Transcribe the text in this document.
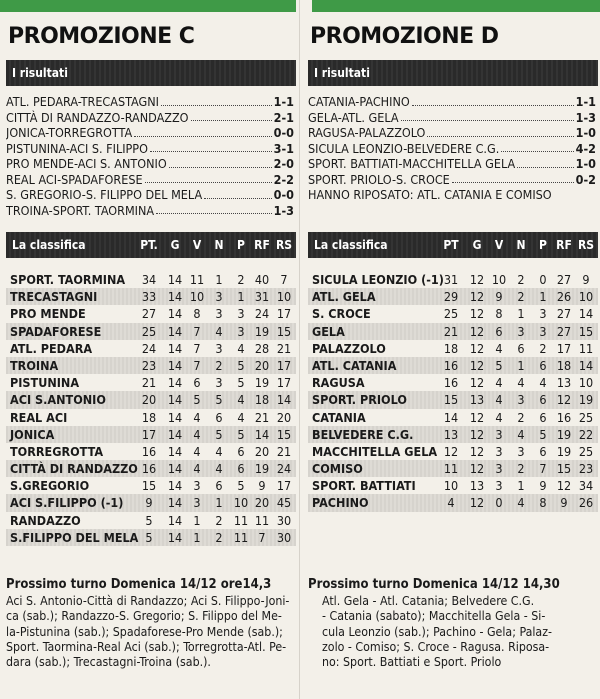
PROMOZIONE C
I risultati
ATL. PEDARA-TRECASTAGNI	1-1
CITTÀ DI RANDAZZO-RANDAZZO	2-1
JONICA-TORREGROTTA	0-0
PISTUNINA-ACI S. FILIPPO	3-1
PRO MENDE-ACI S. ANTONIO	2-0
REAL ACI-SPADAFORESE	2-2
S. GREGORIO-S. FILIPPO DEL MELA	0-0
TROINA-SPORT. TAORMINA	1-3
La classifica	PT.	G	V	N	P RF RS
SPORT. TAORMINA	34 14 11 1	2 40 7
TRECASTAGNI	33 14 10 3	1 31 10
PRO MENDE	27 14 8	3	3 24 17
SPADAFORESE	25 14 7	4	3 19 15
ATL. PEDARA	24 14 7	3	4 28 21
TROINA	23 14 7	2	5 20 17
PISTUNINA	21 14 6	3	5 19 17
ACI S.ANTONIO	20 14 5	5	4 18 14
REAL ACI	18 14 4	6	4 21 20
JONICA	17 14 4	5	5 14 15
TORREGROTTA	16 14 4	4	6 20 21
CITTÀ DI RANDAZZO 16 14 4	4	6 19 24
S.GREGORIO	15 14 3	6	5	9 17
ACI S.FILIPPO (-1)	9	14 3	1 10 20 45
RANDAZZO	5	14 1	2 11 11 30
S.FILIPPO DEL MELA 5	14 1	2 11 7 30
Prossimo turno Domenica 14/12 ore14,3
Aci S. Antonio-Città di Randazzo; Aci S. Filippo-Joni-
ca (sab.); Randazzo-S. Gregorio; S. Filippo del Me-
la-Pistunina (sab.); Spadaforese-Pro Mende (sab.);
Sport. Taormina-Real Aci (sab.); Torregrotta-Atl. Pe-
dara (sab.); Trecastagni-Troina (sab.).
PROMOZIONE D
I risultati
CATANIA-PACHINO	1-1
GELA-ATL. GELA	1-3
RAGUSA-PALAZZOLO	1-0
SICULA LEONZIO-BELVEDERE C.G.	4-2
SPORT. BATTIATI-MACCHITELLA GELA	1-0
SPORT. PRIOLO-S. CROCE	0-2
HANNO RIPOSATO: ATL. CATANIA E COMISO
La classifica	PT	G	V	N	P RF RS
SICULA LEONZIO (-1) 31 12 10 2	0 27 9
ATL. GELA	29 12 9	2	1 26 10
S. CROCE	25 12 8	1	3 27 14
GELA	21 12 6	3	3 27 15
PALAZZOLO	18 12 4	6	2 17 11
ATL. CATANIA	16 12 5	1	6 18 14
RAGUSA	16 12 4	4	4 13 10
SPORT. PRIOLO	15 13 4	3	6 12 19
CATANIA	14 12 4	2	6 16 25
BELVEDERE C.G.	13 12 3	4	5 19 22
MACCHITELLA GELA 12 12 3	3	6 19 25
COMISO	11 12 3	2	7 15 23
SPORT. BATTIATI	10 13 3	1	9 12 34
PACHINO	4	12 0	4	8	9 26
Prossimo turno Domenica 14/12 14,30
Atl. Gela - Atl. Catania; Belvedere C.G.
- Catania (sabato); Macchitella Gela - Si-
cula Leonzio (sab.); Pachino - Gela; Palaz-
zolo - Comiso; S. Croce - Ragusa. Riposa-
no: Sport. Battiati e Sport. Priolo
